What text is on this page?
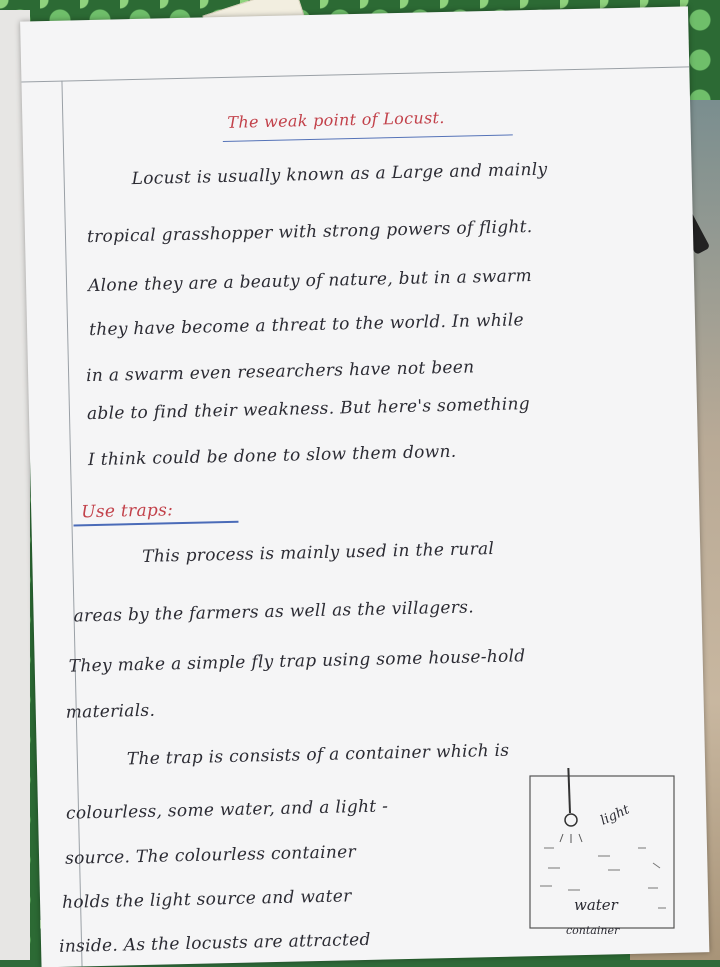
The weak point of Locust.
Locust is usually known as a Large and mainly
tropical grasshopper with strong powers of flight.
Alone they are a beauty of nature, but in a swarm
they have become a threat to the world. In while
in a swarm even researchers have not been
able to find their weakness. But here's something
I think could be done to slow them down.
Use traps:
This process is mainly used in the rural
areas by the farmers as well as the villagers.
They make a simple fly trap using some house-hold
materials.
The trap is consists of a container which is
colourless, some water, and a light -
source. The colourless container
holds the light source and water
inside. As the locusts are attracted
light
water
container
